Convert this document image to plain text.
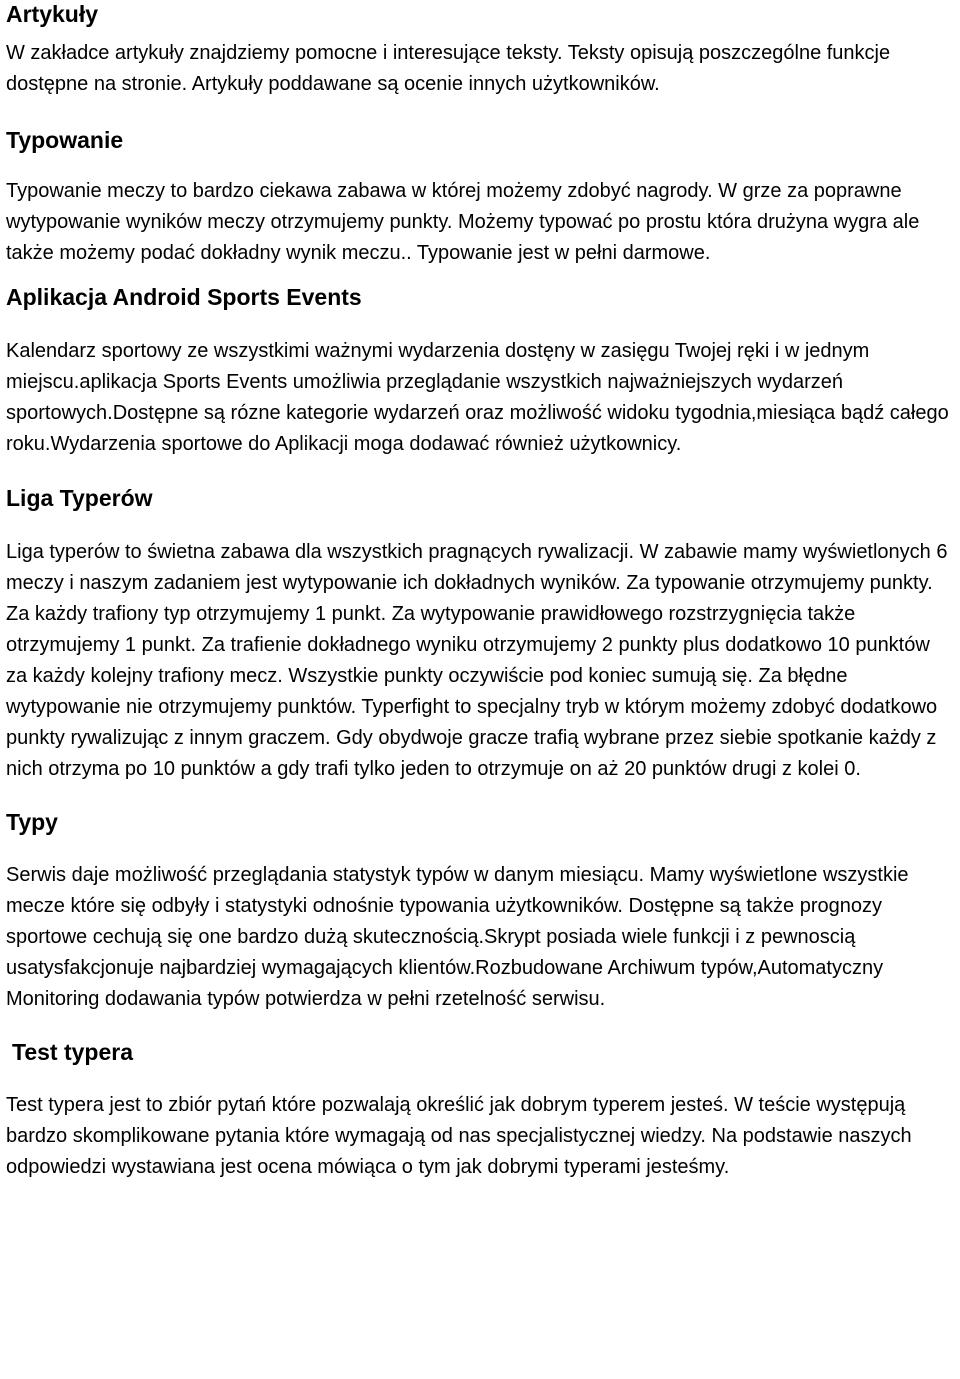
Artykuły

W zakładce artykuły znajdziemy pomocne i interesujące teksty. Teksty opisują poszczególne funkcje dostępne na stronie. Artykuły poddawane są ocenie innych użytkowników.

Typowanie

Typowanie meczy to bardzo ciekawa zabawa w której możemy zdobyć nagrody. W grze za poprawne wytypowanie wyników meczy otrzymujemy punkty. Możemy typować po prostu która drużyna wygra ale także możemy podać dokładny wynik meczu.. Typowanie jest w pełni darmowe.

Aplikacja Android Sports Events

Kalendarz sportowy ze wszystkimi ważnymi wydarzenia dostęny w zasięgu Twojej ręki i w jednym miejscu.aplikacja Sports Events umożliwia przeglądanie wszystkich najważniejszych wydarzeń sportowych.Dostępne są rózne kategorie wydarzeń oraz możliwość widoku tygodnia,miesiąca bądź całego roku.Wydarzenia sportowe do Aplikacji moga dodawać również użytkownicy.

Liga Typerów

Liga typerów to świetna zabawa dla wszystkich pragnących rywalizacji. W zabawie mamy wyświetlonych 6 meczy i naszym zadaniem jest wytypowanie ich dokładnych wyników. Za typowanie otrzymujemy punkty. Za każdy trafiony typ otrzymujemy 1 punkt. Za wytypowanie prawidłowego rozstrzygnięcia także otrzymujemy 1 punkt. Za trafienie dokładnego wyniku otrzymujemy 2 punkty plus dodatkowo 10 punktów za każdy kolejny trafiony mecz. Wszystkie punkty oczywiście pod koniec sumują się. Za błędne wytypowanie nie otrzymujemy punktów. Typerfight to specjalny tryb w którym możemy zdobyć dodatkowo punkty rywalizując z innym graczem. Gdy obydwoje gracze trafią wybrane przez siebie spotkanie każdy z nich otrzyma po 10 punktów a gdy trafi tylko jeden to otrzymuje on aż 20 punktów drugi z kolei 0.

Typy

Serwis daje możliwość przeglądania statystyk typów w danym miesiącu. Mamy wyświetlone wszystkie mecze które się odbyły i statystyki odnośnie typowania użytkowników. Dostępne są także prognozy sportowe cechują się one bardzo dużą skutecznością.Skrypt posiada wiele funkcji i z pewnoscią usatysfakcjonuje najbardziej wymagających klientów.Rozbudowane Archiwum typów,Automatyczny Monitoring dodawania typów potwierdza w pełni rzetelność serwisu.

Test typera

Test typera jest to zbiór pytań które pozwalają określić jak dobrym typerem jesteś. W teście występują bardzo skomplikowane pytania które wymagają od nas specjalistycznej wiedzy. Na podstawie naszych odpowiedzi wystawiana jest ocena mówiąca o tym jak dobrymi typerami jesteśmy.
